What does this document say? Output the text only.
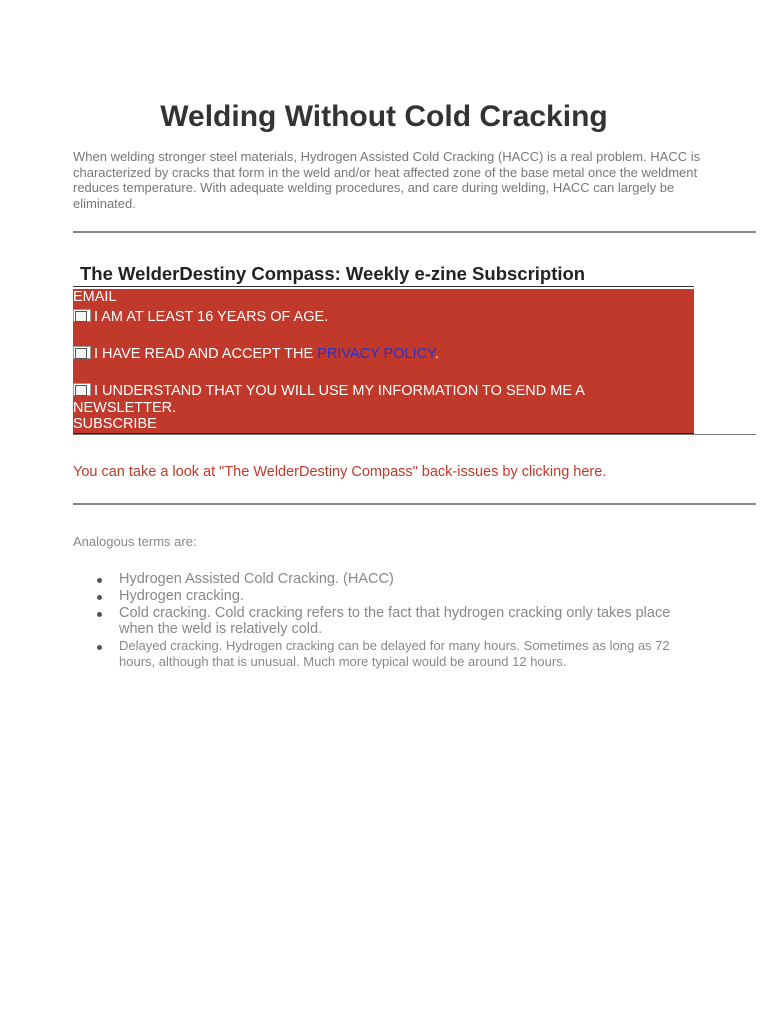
Welding Without Cold Cracking

When welding stronger steel materials, Hydrogen Assisted Cold Cracking (HACC) is a real problem. HACC is characterized by cracks that form in the weld and/or heat affected zone of the base metal once the weldment reduces temperature. With adequate welding procedures, and care during welding, HACC can largely be eliminated.

The WelderDestiny Compass: Weekly e-zine Subscription
EMAIL
I AM AT LEAST 16 YEARS OF AGE.
I HAVE READ AND ACCEPT THE PRIVACY POLICY.
I UNDERSTAND THAT YOU WILL USE MY INFORMATION TO SEND ME A NEWSLETTER.
SUBSCRIBE

You can take a look at "The WelderDestiny Compass" back-issues by clicking here.

Analogous terms are:

Hydrogen Assisted Cold Cracking. (HACC)
Hydrogen cracking.
Cold cracking. Cold cracking refers to the fact that hydrogen cracking only takes place when the weld is relatively cold.
Delayed cracking. Hydrogen cracking can be delayed for many hours. Sometimes as long as 72 hours, although that is unusual. Much more typical would be around 12 hours.
